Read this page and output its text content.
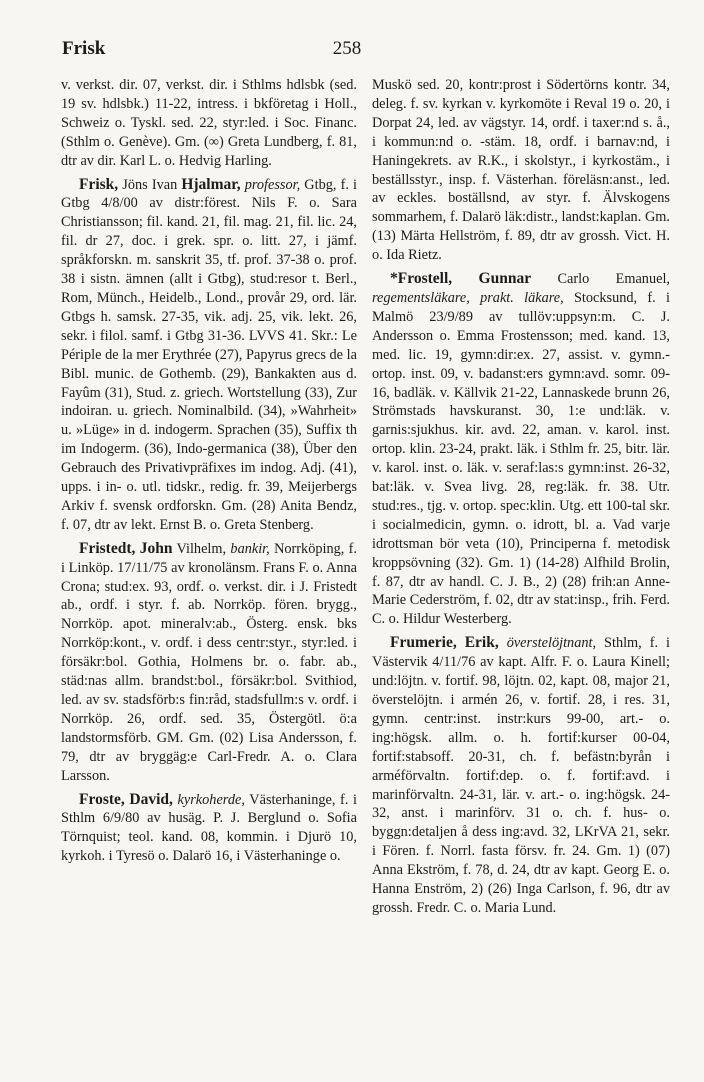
Frisk	258

v. verkst. dir. 07, verkst. dir. i Sthlms hdlsbk (sed. 19 sv. hdlsbk.) 11-22, intress. i bkföretag i Holl., Schweiz o. Tyskl. sed. 22, styr:led. i Soc. Financ. (Sthlm o. Genève). Gm. (∞) Greta Lundberg, f. 81, dtr av dir. Karl L. o. Hedvig Harling.

Frisk, Jöns Ivan Hjalmar, professor, Gtbg, f. i Gtbg 4/8/00 av distr:förest. Nils F. o. Sara Christiansson; fil. kand. 21, fil. mag. 21, fil. lic. 24, fil. dr 27, doc. i grek. spr. o. litt. 27, i jämf. språkforskn. m. sanskrit 35, tf. prof. 37-38 o. prof. 38 i sistn. ämnen (allt i Gtbg), stud:resor t. Berl., Rom, Münch., Heidelb., Lond., provår 29, ord. lär. Gtbgs h. samsk. 27-35, vik. adj. 25, vik. lekt. 26, sekr. i filol. samf. i Gtbg 31-36. LVVS 41. Skr.: Le Périple de la mer Erythrée (27), Papyrus grecs de la Bibl. munic. de Gothemb. (29), Bankakten aus d. Fayûm (31), Stud. z. griech. Wortstellung (33), Zur indoiran. u. griech. Nominalbild. (34), »Wahrheit» u. »Lüge» in d. indogerm. Sprachen (35), Suffix th im Indogerm. (36), Indo-germanica (38), Über den Gebrauch des Privativpräfixes im indog. Adj. (41), upps. i in- o. utl. tidskr., redig. fr. 39, Meijerbergs Arkiv f. svensk ordforskn. Gm. (28) Anita Bendz, f. 07, dtr av lekt. Ernst B. o. Greta Stenberg.

Fristedt, John Vilhelm, bankir, Norrköping, f. i Linköp. 17/11/75 av kronolänsm. Frans F. o. Anna Crona; stud:ex. 93, ordf. o. verkst. dir. i J. Fristedt ab., ordf. i styr. f. ab. Norrköp. fören. brygg., Norrköp. apot. mineralv:ab., Österg. ensk. bks Norrköp:kont., v. ordf. i dess centr:styr., styr:led. i försäkr:bol. Gothia, Holmens br. o. fabr. ab., städ:nas allm. brandst:bol., försäkr:bol. Svithiod, led. av sv. stadsförb:s fin:råd, stadsfullm:s v. ordf. i Norrköp. 26, ordf. sed. 35, Östergötl. ö:a landstormsförb. GM. Gm. (02) Lisa Andersson, f. 79, dtr av bryggäg:e Carl-Fredr. A. o. Clara Larsson.

Froste, David, kyrkoherde, Västerhaninge, f. i Sthlm 6/9/80 av husäg. P. J. Berglund o. Sofia Törnquist; teol. kand. 08, kommin. i Djurö 10, kyrkoh. i Tyresö o. Dalarö 16, i Västerhaninge o.

Muskö sed. 20, kontr:prost i Södertörns kontr. 34, deleg. f. sv. kyrkan v. kyrkomöte i Reval 19 o. 20, i Dorpat 24, led. av vägstyr. 14, ordf. i taxer:nd s. å., i kommun:nd o. -stäm. 18, ordf. i barnav:nd, i Haningekrets. av R.K., i skolstyr., i kyrkostäm., i beställsstyr., insp. f. Västerhan. föreläsn:anst., led. av eckles. boställsnd, av styr. f. Älvskogens sommarhem, f. Dalarö läk:distr., landst:kaplan. Gm. (13) Märta Hellström, f. 89, dtr av grossh. Vict. H. o. Ida Rietz.

*Frostell, Gunnar Carlo Emanuel, regementsläkare, prakt. läkare, Stocksund, f. i Malmö 23/9/89 av tullöv:uppsyn:m. C. J. Andersson o. Emma Frostensson; med. kand. 13, med. lic. 19, gymn:dir:ex. 27, assist. v. gymn.-ortop. inst. 09, v. badanst:ers gymn:avd. somr. 09-16, badläk. v. Källvik 21-22, Lannaskede brunn 26, Strömstads havskuranst. 30, 1:e und:läk. v. garnis:sjukhus. kir. avd. 22, aman. v. karol. inst. ortop. klin. 23-24, prakt. läk. i Sthlm fr. 25, bitr. lär. v. karol. inst. o. läk. v. seraf:las:s gymn:inst. 26-32, bat:läk. v. Svea livg. 28, reg:läk. fr. 38. Utr. stud:res., tjg. v. ortop. spec:klin. Utg. ett 100-tal skr. i socialmedicin, gymn. o. idrott, bl. a. Vad varje idrottsman bör veta (10), Principerna f. metodisk kroppsövning (32). Gm. 1) (14-28) Alfhild Brolin, f. 87, dtr av handl. C. J. B., 2) (28) frih:an Anne-Marie Cederström, f. 02, dtr av stat:insp., frih. Ferd. C. o. Hildur Westerberg.

Frumerie, Erik, överstelöjtnant, Sthlm, f. i Västervik 4/11/76 av kapt. Alfr. F. o. Laura Kinell; und:löjtn. v. fortif. 98, löjtn. 02, kapt. 08, major 21, överstelöjtn. i armén 26, v. fortif. 28, i res. 31, gymn. centr:inst. instr:kurs 99-00, art.- o. ing:högsk. allm. o. h. fortif:kurser 00-04, fortif:stabsoff. 20-31, ch. f. befästn:byrån i arméförvaltn. fortif:dep. o. f. fortif:avd. i marinförvaltn. 24-31, lär. v. art.- o. ing:högsk. 24-32, anst. i marinförv. 31 o. ch. f. hus- o. byggn:detaljen å dess ing:avd. 32, LKrVA 21, sekr. i Fören. f. Norrl. fasta försv. fr. 24. Gm. 1) (07) Anna Ekström, f. 78, d. 24, dtr av kapt. Georg E. o. Hanna Enström, 2) (26) Inga Carlson, f. 96, dtr av grossh. Fredr. C. o. Maria Lund.
